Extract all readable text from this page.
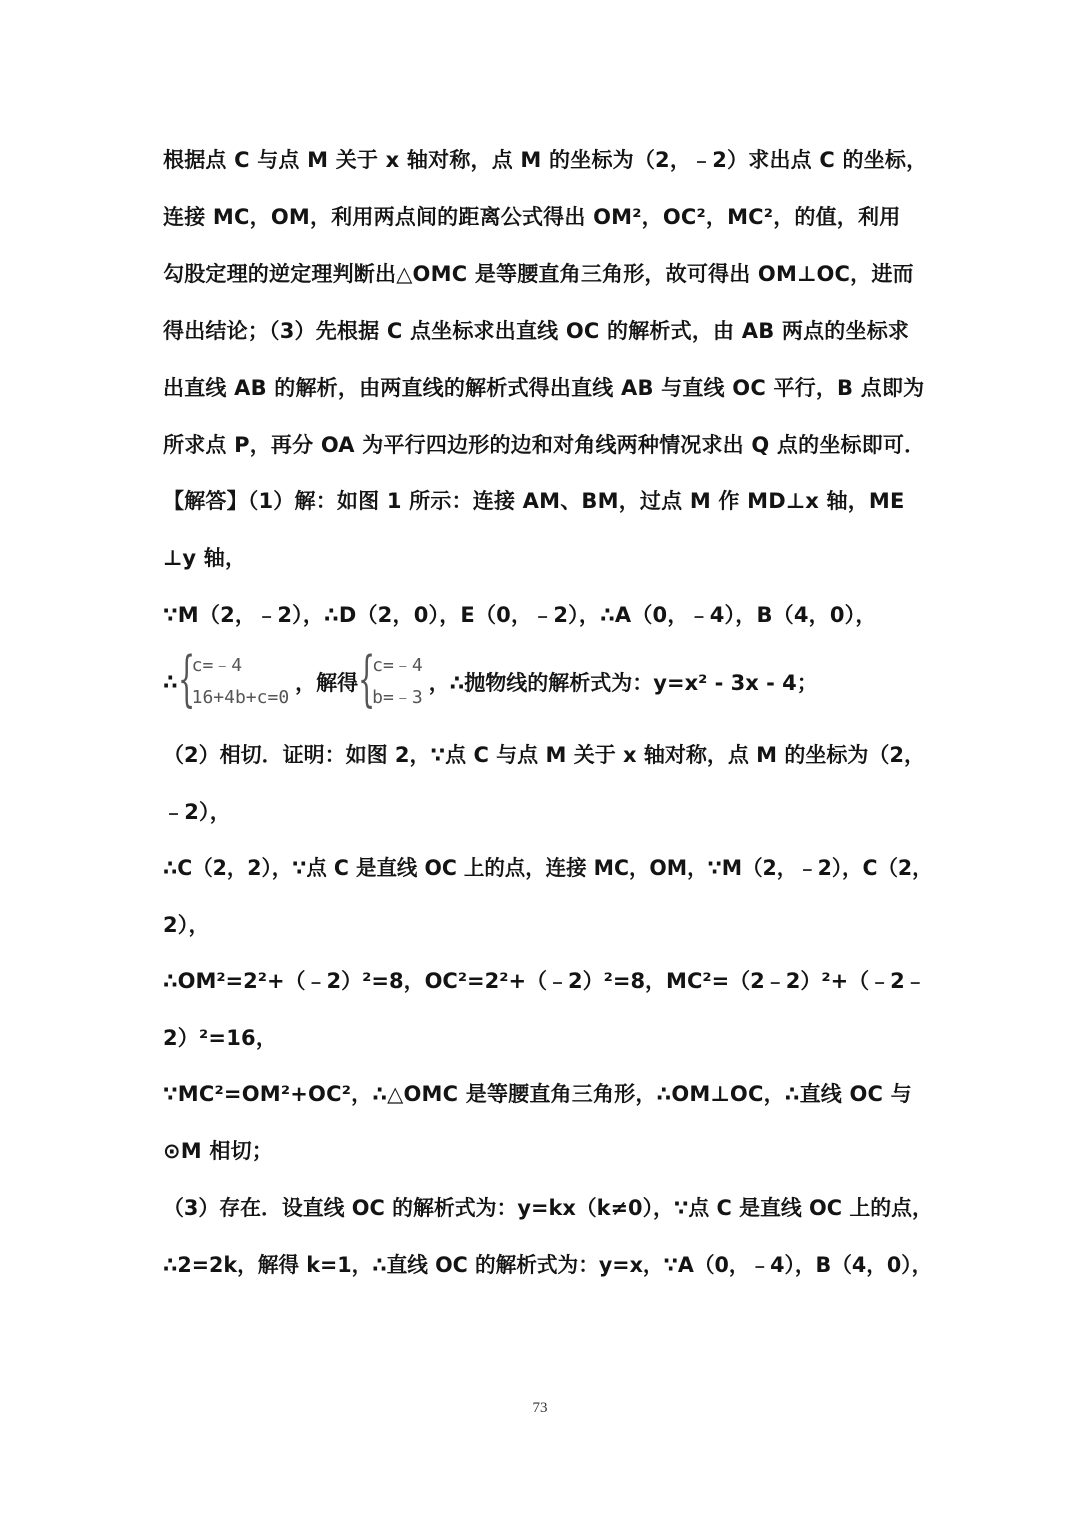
根据点 C 与点 M 关于 x 轴对称，点 M 的坐标为（2，﹣2）求出点 C 的坐标，
连接 MC，OM，利用两点间的距离公式得出 OM²，OC²，MC²，的值，利用
勾股定理的逆定理判断出△OMC 是等腰直角三角形，故可得出 OM⊥OC，进而
得出结论；（3）先根据 C 点坐标求出直线 OC 的解析式，由 AB 两点的坐标求
出直线 AB 的解析，由两直线的解析式得出直线 AB 与直线 OC 平行，B 点即为
所求点 P，再分 OA 为平行四边形的边和对角线两种情况求出 Q 点的坐标即可．
【解答】（1）解：如图 1 所示：连接 AM、BM，过点 M 作 MD⊥x 轴，ME
⊥y 轴，
∵M（2，﹣2），∴D（2，0），E（0，﹣2），∴A（0，﹣4），B（4，0），
∴ {
c=﹣4
16+4b+c=0
，解得 {
c=﹣4
b=﹣3
，∴抛物线的解析式为：y=x² - 3x - 4；
（2）相切．证明：如图 2，∵点 C 与点 M 关于 x 轴对称，点 M 的坐标为（2，
﹣2），
∴C（2，2），∵点 C 是直线 OC 上的点，连接 MC，OM，∵M（2，﹣2），C（2，
2），
∴OM²=2²+（﹣2）²=8，OC²=2²+（﹣2）²=8，MC²=（2﹣2）²+（﹣2﹣
2）²=16，
∵MC²=OM²+OC²，∴△OMC 是等腰直角三角形，∴OM⊥OC，∴直线 OC 与
⊙M 相切；
（3）存在．设直线 OC 的解析式为：y=kx（k≠0），∵点 C 是直线 OC 上的点，
∴2=2k，解得 k=1，∴直线 OC 的解析式为：y=x，∵A（0，﹣4），B（4，0），
73
